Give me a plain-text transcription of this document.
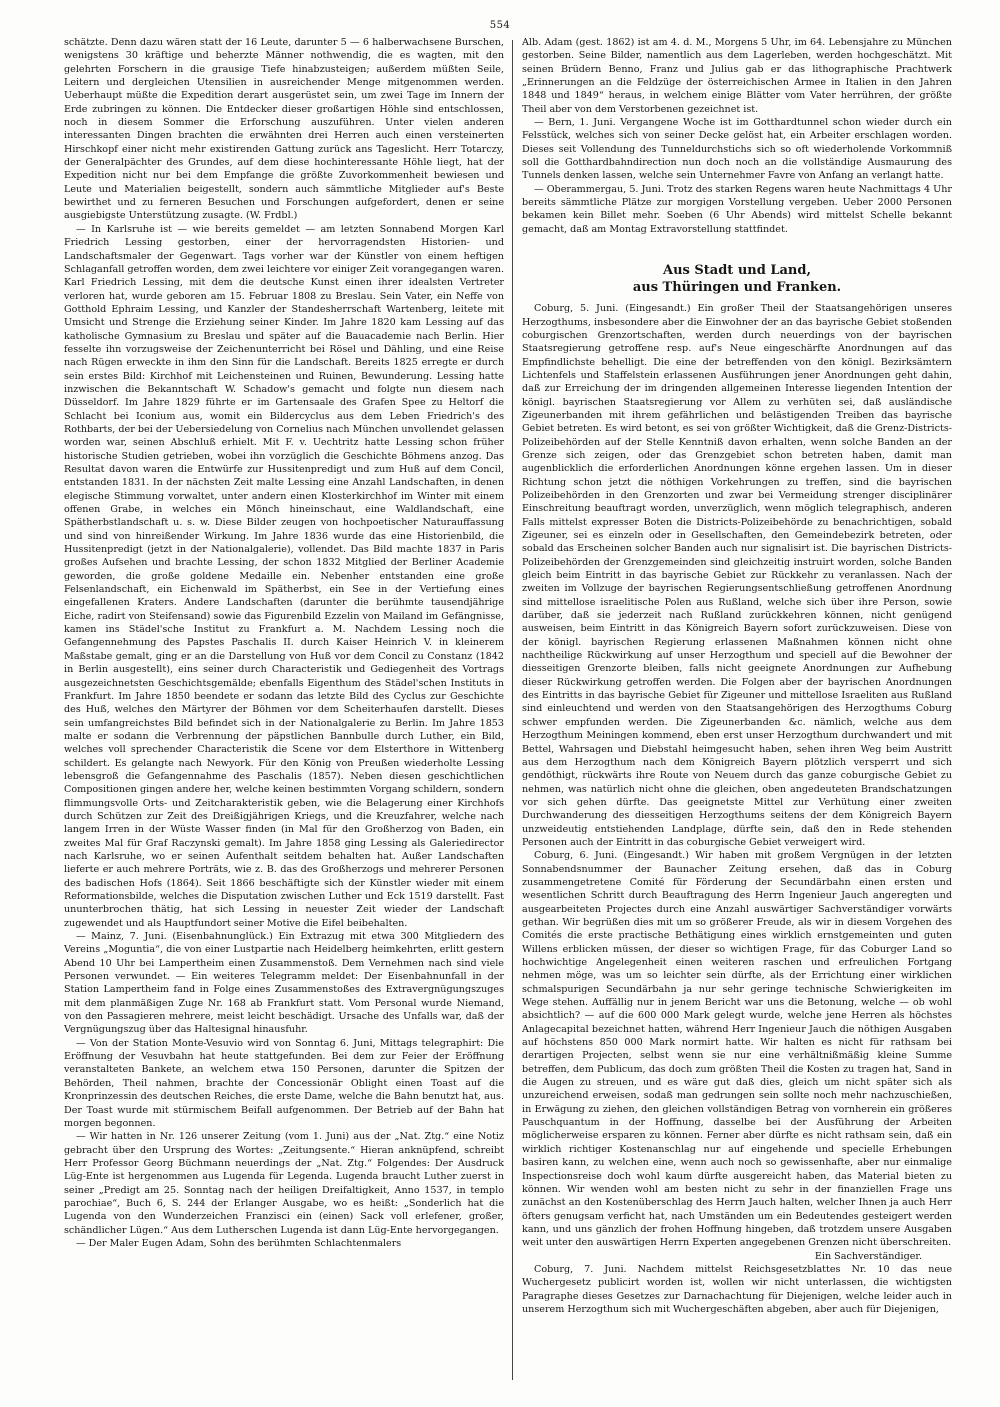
554

schätzte. Denn dazu wären statt der 16 Leute, darunter 5 — 6 halberwachsene Burschen, wenigstens 30 kräftige und beherzte Männer nothwendig, die es wagten, mit den gelehrten Forschern in die grausige Tiefe hinabzusteigen; außerdem müßten Seile, Leitern und dergleichen Utensilien in ausreichender Menge mitgenommen werden. Ueberhaupt müßte die Expedition derart ausgerüstet sein, um zwei Tage im Innern der Erde zubringen zu können. Die Entdecker dieser großartigen Höhle sind entschlossen, noch in diesem Sommer die Erforschung auszuführen. Unter vielen anderen interessanten Dingen brachten die erwähnten drei Herren auch einen versteinerten Hirschkopf einer nicht mehr existirenden Gattung zurück ans Tageslicht. Herr Totarczy, der Generalpächter des Grundes, auf dem diese hochinteressante Höhle liegt, hat der Expedition nicht nur bei dem Empfange die größte Zuvorkommenheit bewiesen und Leute und Materialien beigestellt, sondern auch sämmtliche Mitglieder auf's Beste bewirthet und zu ferneren Besuchen und Forschungen aufgefordert, denen er seine ausgiebigste Unterstützung zusagte. (W. Frdbl.)

— In Karlsruhe ist — wie bereits gemeldet — am letzten Sonnabend Morgen Karl Friedrich Lessing gestorben, einer der hervorragendsten Historien- und Landschaftsmaler der Gegenwart. Tags vorher war der Künstler von einem heftigen Schlaganfall getroffen worden, dem zwei leichtere vor einiger Zeit vorangegangen waren. Karl Friedrich Lessing, mit dem die deutsche Kunst einen ihrer idealsten Vertreter verloren hat, wurde geboren am 15. Februar 1808 zu Breslau. Sein Vater, ein Neffe von Gotthold Ephraim Lessing, und Kanzler der Standesherrschaft Wartenberg, leitete mit Umsicht und Strenge die Erziehung seiner Kinder. Im Jahre 1820 kam Lessing auf das katholische Gymnasium zu Breslau und später auf die Bauacademie nach Berlin. Hier fesselte ihn vorzugsweise der Zeichenunterricht bei Rösel und Dähling, und eine Reise nach Rügen erweckte in ihm den Sinn für die Landschaft. Bereits 1825 erregte er durch sein erstes Bild: Kirchhof mit Leichensteinen und Ruinen, Bewunderung. Lessing hatte inzwischen die Bekanntschaft W. Schadow's gemacht und folgte nun diesem nach Düsseldorf. Im Jahre 1829 führte er im Gartensaale des Grafen Spee zu Heltorf die Schlacht bei Iconium aus, womit ein Bildercyclus aus dem Leben Friedrich's des Rothbarts, der bei der Uebersiedelung von Cornelius nach München unvollendet gelassen worden war, seinen Abschluß erhielt. Mit F. v. Uechtritz hatte Lessing schon früher historische Studien getrieben, wobei ihn vorzüglich die Geschichte Böhmens anzog. Das Resultat davon waren die Entwürfe zur Hussitenpredigt und zum Huß auf dem Concil, entstanden 1831. In der nächsten Zeit malte Lessing eine Anzahl Landschaften, in denen elegische Stimmung vorwaltet, unter andern einen Klosterkirchhof im Winter mit einem offenen Grabe, in welches ein Mönch hineinschaut, eine Waldlandschaft, eine Spätherbstlandschaft u. s. w. Diese Bilder zeugen von hochpoetischer Naturauffassung und sind von hinreißender Wirkung. Im Jahre 1836 wurde das eine Historienbild, die Hussitenpredigt (jetzt in der Nationalgalerie), vollendet. Das Bild machte 1837 in Paris großes Aufsehen und brachte Lessing, der schon 1832 Mitglied der Berliner Academie geworden, die große goldene Medaille ein. Nebenher entstanden eine große Felsenlandschaft, ein Eichenwald im Spätherbst, ein See in der Vertiefung eines eingefallenen Kraters. Andere Landschaften (darunter die berühmte tausendjährige Eiche, radirt von Steifensand) sowie das Figurenbild Ezzelin von Mailand im Gefängnisse, kamen ins Städel'sche Institut zu Frankfurt a. M. Nachdem Lessing noch die Gefangennehmung des Papstes Paschalis II. durch Kaiser Heinrich V. in kleinerem Maßstabe gemalt, ging er an die Darstellung von Huß vor dem Concil zu Constanz (1842 in Berlin ausgestellt), eins seiner durch Characteristik und Gediegenheit des Vortrags ausgezeichnetsten Geschichtsgemälde; ebenfalls Eigenthum des Städel'schen Instituts in Frankfurt. Im Jahre 1850 beendete er sodann das letzte Bild des Cyclus zur Geschichte des Huß, welches den Märtyrer der Böhmen vor dem Scheiterhaufen darstellt. Dieses sein umfangreichstes Bild befindet sich in der Nationalgalerie zu Berlin. Im Jahre 1853 malte er sodann die Verbrennung der päpstlichen Bannbulle durch Luther, ein Bild, welches voll sprechender Characteristik die Scene vor dem Elsterthore in Wittenberg schildert. Es gelangte nach Newyork. Für den König von Preußen wiederholte Lessing lebensgroß die Gefangennahme des Paschalis (1857). Neben diesen geschichtlichen Compositionen gingen andere her, welche keinen bestimmten Vorgang schildern, sondern flimmungsvolle Orts- und Zeitcharakteristik geben, wie die Belagerung einer Kirchhofs durch Schützen zur Zeit des Dreißigjährigen Kriegs, und die Kreuzfahrer, welche nach langem Irren in der Wüste Wasser finden (in Mal für den Großherzog von Baden, ein zweites Mal für Graf Raczynski gemalt). Im Jahre 1858 ging Lessing als Galeriedirector nach Karlsruhe, wo er seinen Aufenthalt seitdem behalten hat. Außer Landschaften lieferte er auch mehrere Porträts, wie z. B. das des Großherzogs und mehrerer Personen des badischen Hofs (1864). Seit 1866 beschäftigte sich der Künstler wieder mit einem Reformationsbilde, welches die Disputation zwischen Luther und Eck 1519 darstellt. Fast ununterbrochen thätig, hat sich Lessing in neuester Zeit wieder der Landschaft zugewendet und als Hauptfundort seiner Motive die Eifel beibehalten.

— Mainz, 7. Juni. (Eisenbahnunglück.) Ein Extrazug mit etwa 300 Mitgliedern des Vereins „Moguntia“, die von einer Lustpartie nach Heidelberg heimkehrten, erlitt gestern Abend 10 Uhr bei Lampertheim einen Zusammenstoß. Dem Vernehmen nach sind viele Personen verwundet. — Ein weiteres Telegramm meldet: Der Eisenbahnunfall in der Station Lampertheim fand in Folge eines Zusammenstoßes des Extravergnügungszuges mit dem planmäßigen Zuge Nr. 168 ab Frankfurt statt. Vom Personal wurde Niemand, von den Passagieren mehrere, meist leicht beschädigt. Ursache des Unfalls war, daß der Vergnügungszug über das Haltesignal hinausfuhr.

— Von der Station Monte-Vesuvio wird von Sonntag 6. Juni, Mittags telegraphirt: Die Eröffnung der Vesuvbahn hat heute stattgefunden. Bei dem zur Feier der Eröffnung veranstalteten Bankete, an welchem etwa 150 Personen, darunter die Spitzen der Behörden, Theil nahmen, brachte der Concessionär Oblight einen Toast auf die Kronprinzessin des deutschen Reiches, die erste Dame, welche die Bahn benutzt hat, aus. Der Toast wurde mit stürmischem Beifall aufgenommen. Der Betrieb auf der Bahn hat morgen begonnen.

— Wir hatten in Nr. 126 unserer Zeitung (vom 1. Juni) aus der „Nat. Ztg.“ eine Notiz gebracht über den Ursprung des Wortes: „Zeitungsente.“ Hieran anknüpfend, schreibt Herr Professor Georg Büchmann neuerdings der „Nat. Ztg.“ Folgendes: Der Ausdruck Lüg-Ente ist hergenommen aus Lugenda für Legenda. Lugenda braucht Luther zuerst in seiner „Predigt am 25. Sonntag nach der heiligen Dreifaltigkeit, Anno 1537, in templo parochiae“, Buch 6, S. 244 der Erlanger Ausgabe, wo es heißt: „Sonderlich hat die Lugenda von den Wunderzeichen Franzisci ein (einen) Sack voll erlefener, großer, schändlicher Lügen.“ Aus dem Lutherschen Lugenda ist dann Lüg-Ente hervorgegangen.

— Der Maler Eugen Adam, Sohn des berühmten Schlachtenmalers

Alb. Adam (gest. 1862) ist am 4. d. M., Morgens 5 Uhr, im 64. Lebensjahre zu München gestorben. Seine Bilder, namentlich aus dem Lagerleben, werden hochgeschätzt. Mit seinen Brüdern Benno, Franz und Julius gab er das lithographische Prachtwerk „Erinnerungen an die Feldzüge der österreichischen Armee in Italien in den Jahren 1848 und 1849“ heraus, in welchem einige Blätter vom Vater herrühren, der größte Theil aber von dem Verstorbenen gezeichnet ist.

— Bern, 1. Juni. Vergangene Woche ist im Gotthardtunnel schon wieder durch ein Felsstück, welches sich von seiner Decke gelöst hat, ein Arbeiter erschlagen worden. Dieses seit Vollendung des Tunneldurchstichs sich so oft wiederholende Vorkommniß soll die Gotthardbahndirection nun doch noch an die vollständige Ausmaurung des Tunnels denken lassen, welche sein Unternehmer Favre von Anfang an verlangt hatte.

— Oberammergau, 5. Juni. Trotz des starken Regens waren heute Nachmittags 4 Uhr bereits sämmtliche Plätze zur morgigen Vorstellung vergeben. Ueber 2000 Personen bekamen kein Billet mehr. Soeben (6 Uhr Abends) wird mittelst Schelle bekannt gemacht, daß am Montag Extravorstellung stattfindet.

Aus Stadt und Land,
aus Thüringen und Franken.

Coburg, 5. Juni. (Eingesandt.) Ein großer Theil der Staatsangehörigen unseres Herzogthums, insbesondere aber die Einwohner der an das bayrische Gebiet stoßenden coburgischen Grenzortschaften, werden durch neuerdings von der bayrischen Staatsregierung getroffene resp. auf's Neue eingeschärfte Anordnungen auf das Empfindlichste behelligt. Die eine der betreffenden von den königl. Bezirksämtern Lichtenfels und Staffelstein erlassenen Ausführungen jener Anordnungen geht dahin, daß zur Erreichung der im dringenden allgemeinen Interesse liegenden Intention der königl. bayrischen Staatsregierung vor Allem zu verhüten sei, daß ausländische Zigeunerbanden mit ihrem gefährlichen und belästigenden Treiben das bayrische Gebiet betreten. Es wird betont, es sei von größter Wichtigkeit, daß die Grenz-Districts-Polizeibehörden auf der Stelle Kenntniß davon erhalten, wenn solche Banden an der Grenze sich zeigen, oder das Grenzgebiet schon betreten haben, damit man augenblicklich die erforderlichen Anordnungen könne ergehen lassen. Um in dieser Richtung schon jetzt die nöthigen Vorkehrungen zu treffen, sind die bayrischen Polizeibehörden in den Grenzorten und zwar bei Vermeidung strenger disciplinärer Einschreitung beauftragt worden, unverzüglich, wenn möglich telegraphisch, anderen Falls mittelst expresser Boten die Districts-Polizeibehörde zu benachrichtigen, sobald Zigeuner, sei es einzeln oder in Gesellschaften, den Gemeindebezirk betreten, oder sobald das Erscheinen solcher Banden auch nur signalisirt ist. Die bayrischen Districts-Polizeibehörden der Grenzgemeinden sind gleichzeitig instruirt worden, solche Banden gleich beim Eintritt in das bayrische Gebiet zur Rückkehr zu veranlassen. Nach der zweiten im Vollzuge der bayrischen Regierungsentschließung getroffenen Anordnung sind mittellose israelitische Polen aus Rußland, welche sich über ihre Person, sowie darüber, daß sie jederzeit nach Rußland zurückkehren können, nicht genügend ausweisen, beim Eintritt in das Königreich Bayern sofort zurückzuweisen. Diese von der königl. bayrischen Regierung erlassenen Maßnahmen können nicht ohne nachtheilige Rückwirkung auf unser Herzogthum und speciell auf die Bewohner der diesseitigen Grenzorte bleiben, falls nicht geeignete Anordnungen zur Aufhebung dieser Rückwirkung getroffen werden. Die Folgen aber der bayrischen Anordnungen des Eintritts in das bayrische Gebiet für Zigeuner und mittellose Israeliten aus Rußland sind einleuchtend und werden von den Staatsangehörigen des Herzogthums Coburg schwer empfunden werden. Die Zigeunerbanden &c. nämlich, welche aus dem Herzogthum Meiningen kommend, eben erst unser Herzogthum durchwandert und mit Bettel, Wahrsagen und Diebstahl heimgesucht haben, sehen ihren Weg beim Austritt aus dem Herzogthum nach dem Königreich Bayern plötzlich versperrt und sich gendöthigt, rückwärts ihre Route von Neuem durch das ganze coburgische Gebiet zu nehmen, was natürlich nicht ohne die gleichen, oben angedeuteten Brandschatzungen vor sich gehen dürfte. Das geeignetste Mittel zur Verhütung einer zweiten Durchwanderung des diesseitigen Herzogthums seitens der dem Königreich Bayern unzweideutig entstiehenden Landplage, dürfte sein, daß den in Rede stehenden Personen auch der Eintritt in das coburgische Gebiet verweigert wird.

Coburg, 6. Juni. (Eingesandt.) Wir haben mit großem Vergnügen in der letzten Sonnabendsnummer der Baunacher Zeitung ersehen, daß das in Coburg zusammengetretene Comité für Förderung der Secundärbahn einen ersten und wesentlichen Schritt durch Beauftragung des Herrn Ingenieur Jauch angeregten und ausgearbeiteten Projectes durch eine Anzahl auswärtiger Sachverständiger vorwärts gethan. Wir begrüßen dies mit um so größerer Freude, als wir in diesem Vorgehen des Comités die erste practische Bethätigung eines wirklich ernstgemeinten und guten Willens erblicken müssen, der dieser so wichtigen Frage, für das Coburger Land so hochwichtige Angelegenheit einen weiteren raschen und erfreulichen Fortgang nehmen möge, was um so leichter sein dürfte, als der Errichtung einer wirklichen schmalspurigen Secundärbahn ja nur sehr geringe technische Schwierigkeiten im Wege stehen. Auffällig nur in jenem Bericht war uns die Betonung, welche — ob wohl absichtlich? — auf die 600 000 Mark gelegt wurde, welche jene Herren als höchstes Anlagecapital bezeichnet hatten, während Herr Ingenieur Jauch die nöthigen Ausgaben auf höchstens 850 000 Mark normirt hatte. Wir halten es nicht für rathsam bei derartigen Projecten, selbst wenn sie nur eine verhältnißmäßig kleine Summe betreffen, dem Publicum, das doch zum größten Theil die Kosten zu tragen hat, Sand in die Augen zu streuen, und es wäre gut daß dies, gleich um nicht später sich als unzureichend erweisen, sodaß man gedrungen sein sollte noch mehr nachzuschießen, in Erwägung zu ziehen, den gleichen vollständigen Betrag von vornherein ein größeres Pauschquantum in der Hoffnung, dasselbe bei der Ausführung der Arbeiten möglicherweise ersparen zu können. Ferner aber dürfte es nicht rathsam sein, daß ein wirklich richtiger Kostenanschlag nur auf eingehende und specielle Erhebungen basiren kann, zu welchen eine, wenn auch noch so gewissenhafte, aber nur einmalige Inspectionsreise doch wohl kaum dürfte ausgereicht haben, das Material bieten zu können. Wir wenden wohl am besten nicht zu sehr in der finanziellen Frage uns zunächst an den Kostenüberschlag des Herrn Jauch halten, welcher Ihnen ja auch Herr öfters genugsam verficht hat, nach Umständen um ein Bedeutendes gesteigert werden kann, und uns gänzlich der frohen Hoffnung hingeben, daß trotzdem unsere Ausgaben weit unter den auswärtigen Herrn Experten angegebenen Grenzen nicht überschreiten.

Ein Sachverständiger.

Coburg, 7. Juni. Nachdem mittelst Reichsgesetzblattes Nr. 10 das neue Wuchergesetz publicirt worden ist, wollen wir nicht unterlassen, die wichtigsten Paragraphe dieses Gesetzes zur Darnachachtung für Diejenigen, welche leider auch in unserem Herzogthum sich mit Wuchergeschäften abgeben, aber auch für Diejenigen,
